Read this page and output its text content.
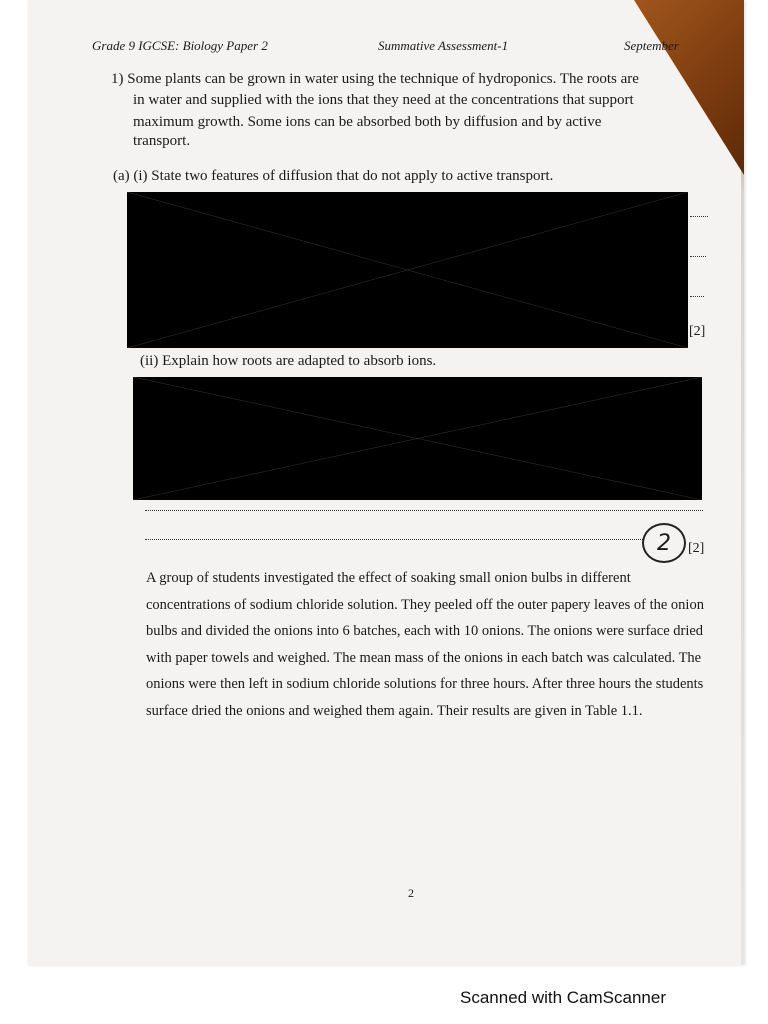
Grade 9 IGCSE: Biology Paper 2	Summative Assessment-1	September
1) Some plants can be grown in water using the technique of hydroponics. The roots are
in water and supplied with the ions that they need at the concentrations that support
maximum growth. Some ions can be absorbed both by diffusion and by active
transport.
(a) (i) State two features of diffusion that do not apply to active transport.
[2]
(ii) Explain how roots are adapted to absorb ions.
2	[2]
A group of students investigated the effect of soaking small onion bulbs in different concentrations of sodium chloride solution. They peeled off the outer papery leaves of the onion bulbs and divided the onions into 6 batches, each with 10 onions. The onions were surface dried with paper towels and weighed. The mean mass of the onions in each batch was calculated. The onions were then left in sodium chloride solutions for three hours. After three hours the students surface dried the onions and weighed them again. Their results are given in Table 1.1.
2
Scanned with CamScanner
